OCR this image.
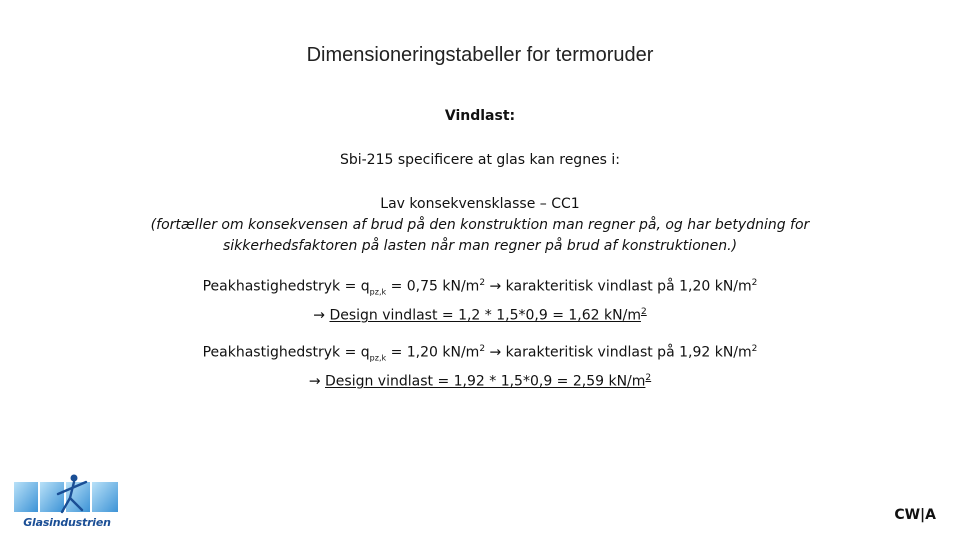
Dimensioneringstabeller for termoruder
Vindlast:
Sbi-215 specificere at glas kan regnes i:
Lav konsekvensklasse – CC1
(fortæller om konsekvensen af brud på den konstruktion man regner på, og har betydning for
sikkerhedsfaktoren på lasten når man regner på brud af konstruktionen.)
Peakhastighedstryk = $q_{pz,k} = 0,75$ $kN/m^2$ → karakteritisk vindlast på 1,20 $kN/m^2$
→ Design vindlast = 1,2 * 1,5*0,9 = 1,62 $kN/m^2$
Peakhastighedstryk = $q_{pz,k} = 1,20$ $kN/m^2$ → karakteritisk vindlast på 1,92 $kN/m^2$
→ Design vindlast = 1,92 * 1,5*0,9 = 2,59 $kN/m^2$
Glasindustrien	CW|A
